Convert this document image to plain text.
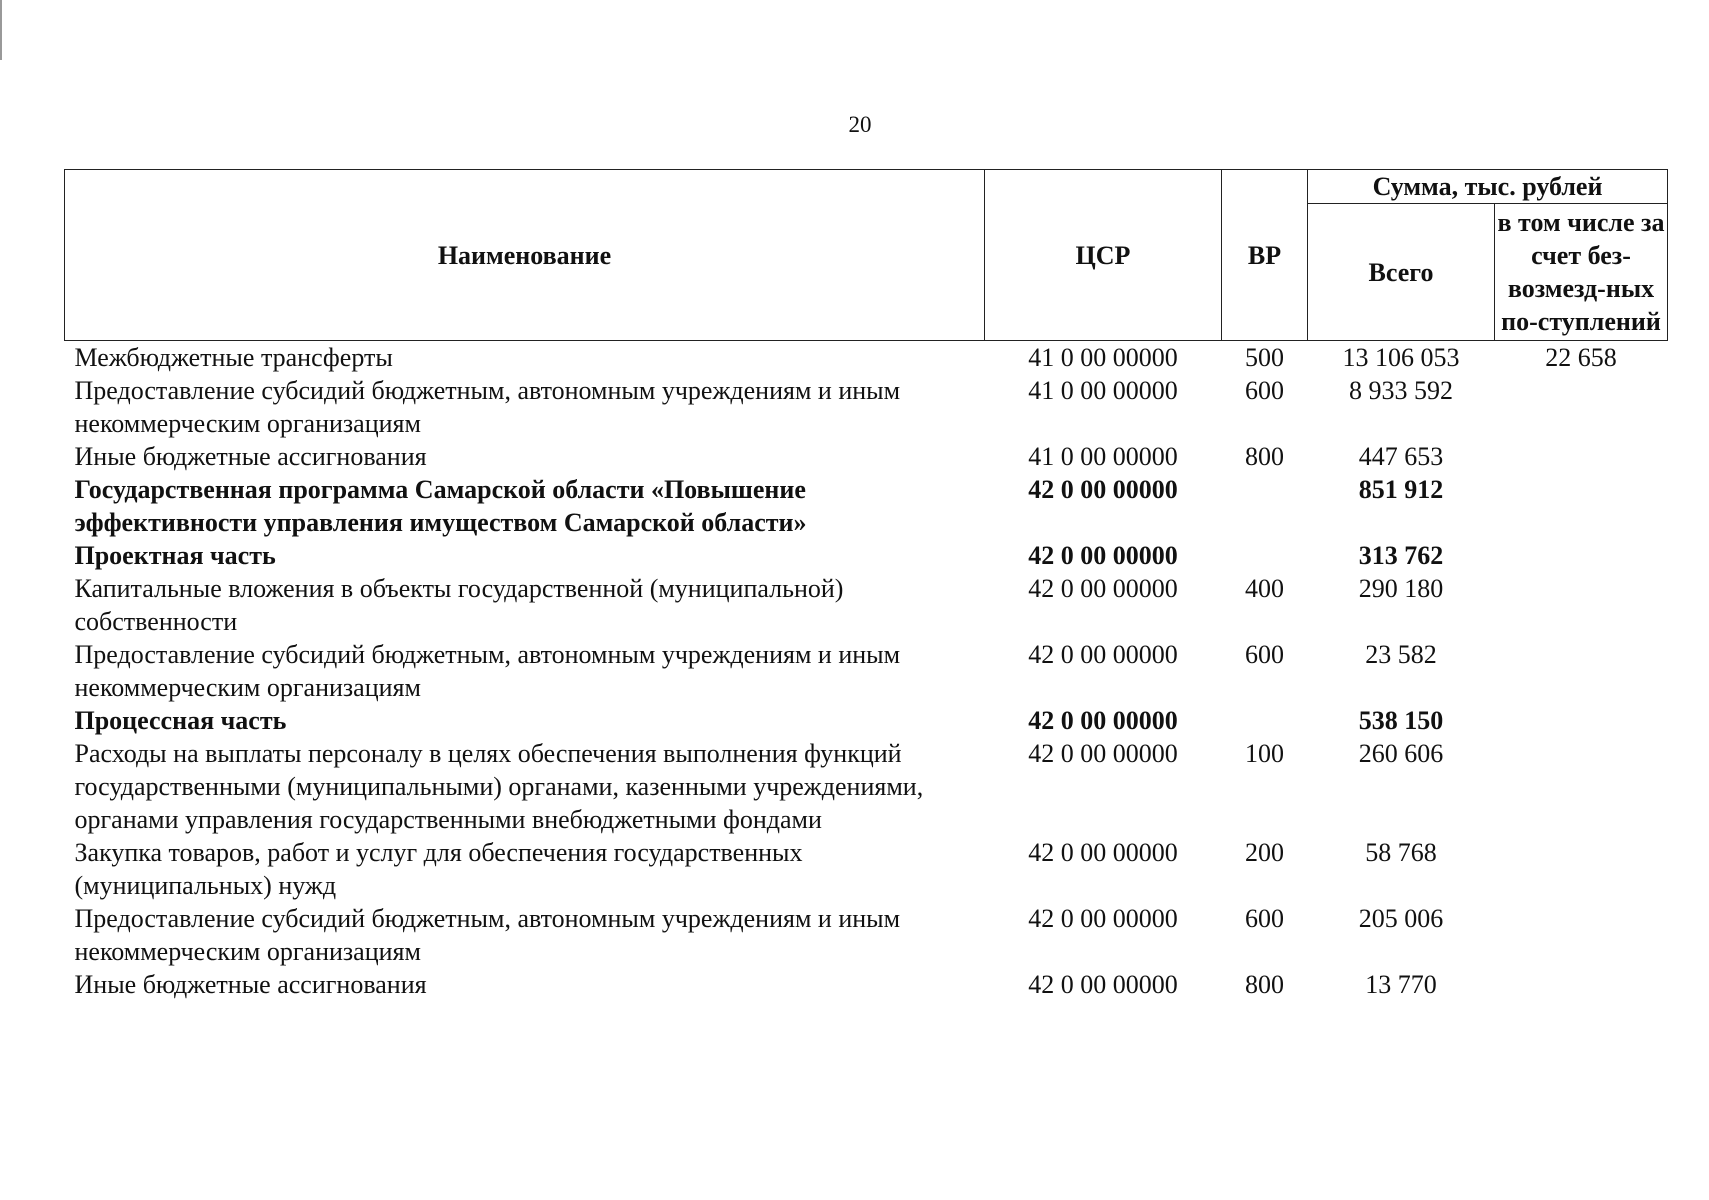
20
Наименование	ЦСР	ВР	Сумма, тыс. рублей	
			Всего	в том числе за счет без-возмезд-ных по-ступлений
Межбюджетные трансферты	41 0 00 00000	500	13 106 053	22 658
Предоставление субсидий бюджетным, автономным учреждениям и иным некоммерческим организациям	41 0 00 00000	600	8 933 592	
Иные бюджетные ассигнования	41 0 00 00000	800	447 653	
Государственная программа Самарской области «Повышение эффективности управления имуществом Самарской области»	42 0 00 00000		851 912	
Проектная часть	42 0 00 00000		313 762	
Капитальные вложения в объекты государственной (муниципальной) собственности	42 0 00 00000	400	290 180	
Предоставление субсидий бюджетным, автономным учреждениям и иным некоммерческим организациям	42 0 00 00000	600	23 582	
Процессная часть	42 0 00 00000		538 150	
Расходы на выплаты персоналу в целях обеспечения выполнения функций государственными (муниципальными) органами, казенными учреждениями, органами управления государственными внебюджетными фондами	42 0 00 00000	100	260 606	
Закупка товаров, работ и услуг для обеспечения государственных (муниципальных) нужд	42 0 00 00000	200	58 768	
Предоставление субсидий бюджетным, автономным учреждениям и иным некоммерческим организациям	42 0 00 00000	600	205 006	
Иные бюджетные ассигнования	42 0 00 00000	800	13 770	
